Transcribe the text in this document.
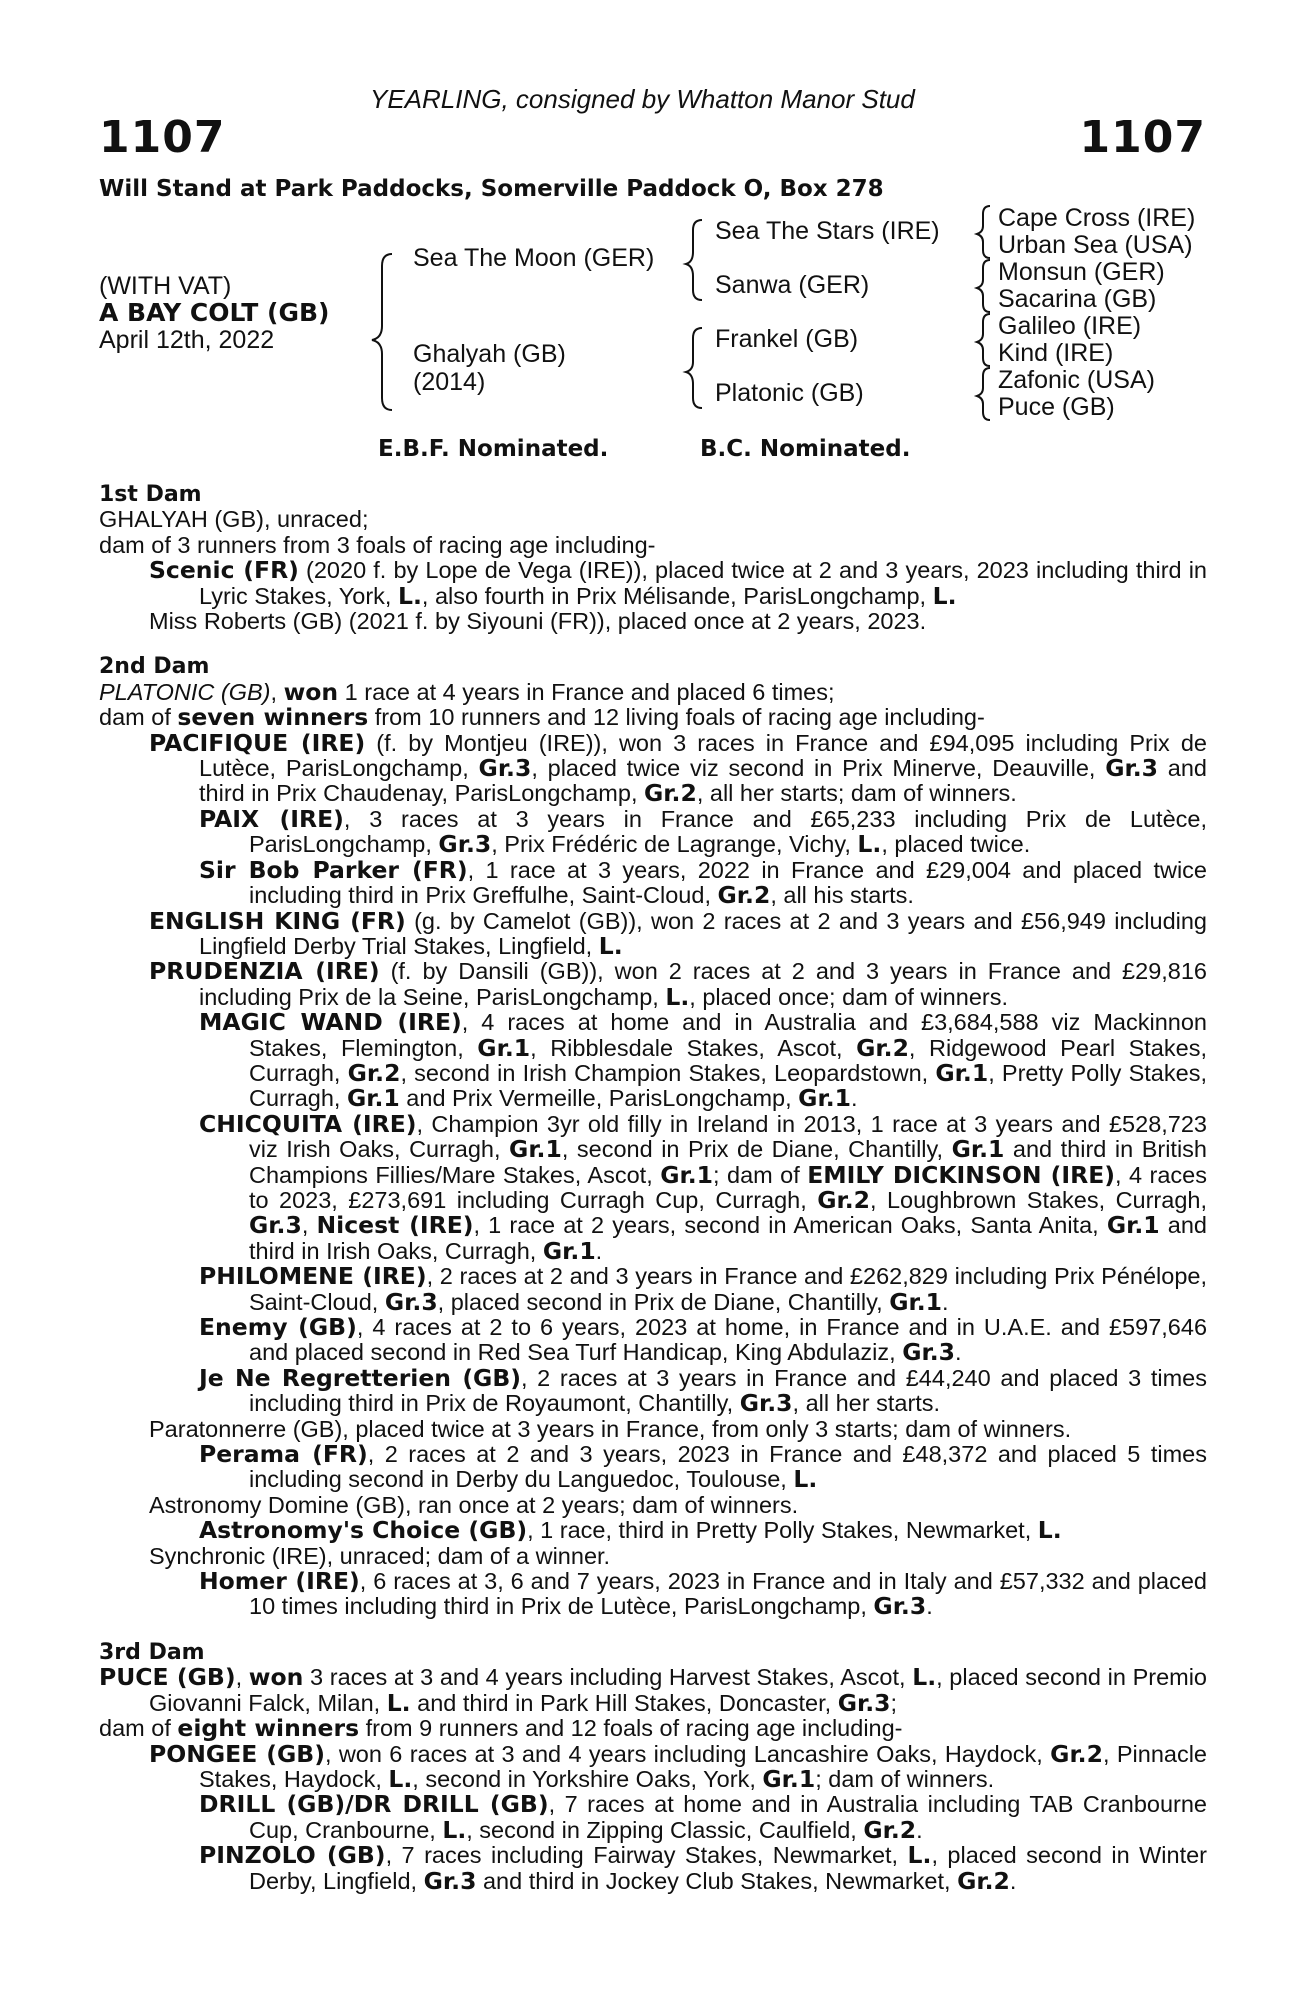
YEARLING, consigned by Whatton Manor Stud
1107	1107
Will Stand at Park Paddocks, Somerville Paddock O, Box 278
(WITH VAT)
A BAY COLT (GB)
April 12th, 2022
Sea The Moon (GER)
Ghalyah (GB)
(2014)
Sea The Stars (IRE)
Sanwa (GER)
Frankel (GB)
Platonic (GB)
Cape Cross (IRE)
Urban Sea (USA)
Monsun (GER)
Sacarina (GB)
Galileo (IRE)
Kind (IRE)
Zafonic (USA)
Puce (GB)
E.B.F. Nominated.	B.C. Nominated.

1st Dam

GHALYAH (GB), unraced;

dam of 3 runners from 3 foals of racing age including-

Scenic (FR) (2020 f. by Lope de Vega (IRE)), placed twice at 2 and 3 years, 2023 including third in Lyric Stakes, York, L., also fourth in Prix Mélisande, ParisLongchamp, L.

Miss Roberts (GB) (2021 f. by Siyouni (FR)), placed once at 2 years, 2023.

2nd Dam

PLATONIC (GB), won 1 race at 4 years in France and placed 6 times;

dam of seven winners from 10 runners and 12 living foals of racing age including-

PACIFIQUE (IRE) (f. by Montjeu (IRE)), won 3 races in France and £94,095 including Prix de Lutèce, ParisLongchamp, Gr.3, placed twice viz second in Prix Minerve, Deauville, Gr.3 and third in Prix Chaudenay, ParisLongchamp, Gr.2, all her starts; dam of winners.

PAIX (IRE), 3 races at 3 years in France and £65,233 including Prix de Lutèce, ParisLongchamp, Gr.3, Prix Frédéric de Lagrange, Vichy, L., placed twice.

Sir Bob Parker (FR), 1 race at 3 years, 2022 in France and £29,004 and placed twice including third in Prix Greffulhe, Saint-Cloud, Gr.2, all his starts.

ENGLISH KING (FR) (g. by Camelot (GB)), won 2 races at 2 and 3 years and £56,949 including Lingfield Derby Trial Stakes, Lingfield, L.

PRUDENZIA (IRE) (f. by Dansili (GB)), won 2 races at 2 and 3 years in France and £29,816 including Prix de la Seine, ParisLongchamp, L., placed once; dam of winners.

MAGIC WAND (IRE), 4 races at home and in Australia and £3,684,588 viz Mackinnon Stakes, Flemington, Gr.1, Ribblesdale Stakes, Ascot, Gr.2, Ridgewood Pearl Stakes, Curragh, Gr.2, second in Irish Champion Stakes, Leopardstown, Gr.1, Pretty Polly Stakes, Curragh, Gr.1 and Prix Vermeille, ParisLongchamp, Gr.1.

CHICQUITA (IRE), Champion 3yr old filly in Ireland in 2013, 1 race at 3 years and £528,723 viz Irish Oaks, Curragh, Gr.1, second in Prix de Diane, Chantilly, Gr.1 and third in British Champions Fillies/Mare Stakes, Ascot, Gr.1; dam of EMILY DICKINSON (IRE), 4 races to 2023, £273,691 including Curragh Cup, Curragh, Gr.2, Loughbrown Stakes, Curragh, Gr.3, Nicest (IRE), 1 race at 2 years, second in American Oaks, Santa Anita, Gr.1 and third in Irish Oaks, Curragh, Gr.1.

PHILOMENE (IRE), 2 races at 2 and 3 years in France and £262,829 including Prix Pénélope, Saint-Cloud, Gr.3, placed second in Prix de Diane, Chantilly, Gr.1.

Enemy (GB), 4 races at 2 to 6 years, 2023 at home, in France and in U.A.E. and £597,646 and placed second in Red Sea Turf Handicap, King Abdulaziz, Gr.3.

Je Ne Regretterien (GB), 2 races at 3 years in France and £44,240 and placed 3 times including third in Prix de Royaumont, Chantilly, Gr.3, all her starts.

Paratonnerre (GB), placed twice at 3 years in France, from only 3 starts; dam of winners.

Perama (FR), 2 races at 2 and 3 years, 2023 in France and £48,372 and placed 5 times including second in Derby du Languedoc, Toulouse, L.

Astronomy Domine (GB), ran once at 2 years; dam of winners.

Astronomy's Choice (GB), 1 race, third in Pretty Polly Stakes, Newmarket, L.

Synchronic (IRE), unraced; dam of a winner.

Homer (IRE), 6 races at 3, 6 and 7 years, 2023 in France and in Italy and £57,332 and placed 10 times including third in Prix de Lutèce, ParisLongchamp, Gr.3.

3rd Dam

PUCE (GB), won 3 races at 3 and 4 years including Harvest Stakes, Ascot, L., placed second in Premio Giovanni Falck, Milan, L. and third in Park Hill Stakes, Doncaster, Gr.3;

dam of eight winners from 9 runners and 12 foals of racing age including-

PONGEE (GB), won 6 races at 3 and 4 years including Lancashire Oaks, Haydock, Gr.2, Pinnacle Stakes, Haydock, L., second in Yorkshire Oaks, York, Gr.1; dam of winners.

DRILL (GB)/DR DRILL (GB), 7 races at home and in Australia including TAB Cranbourne Cup, Cranbourne, L., second in Zipping Classic, Caulfield, Gr.2.

PINZOLO (GB), 7 races including Fairway Stakes, Newmarket, L., placed second in Winter Derby, Lingfield, Gr.3 and third in Jockey Club Stakes, Newmarket, Gr.2.
